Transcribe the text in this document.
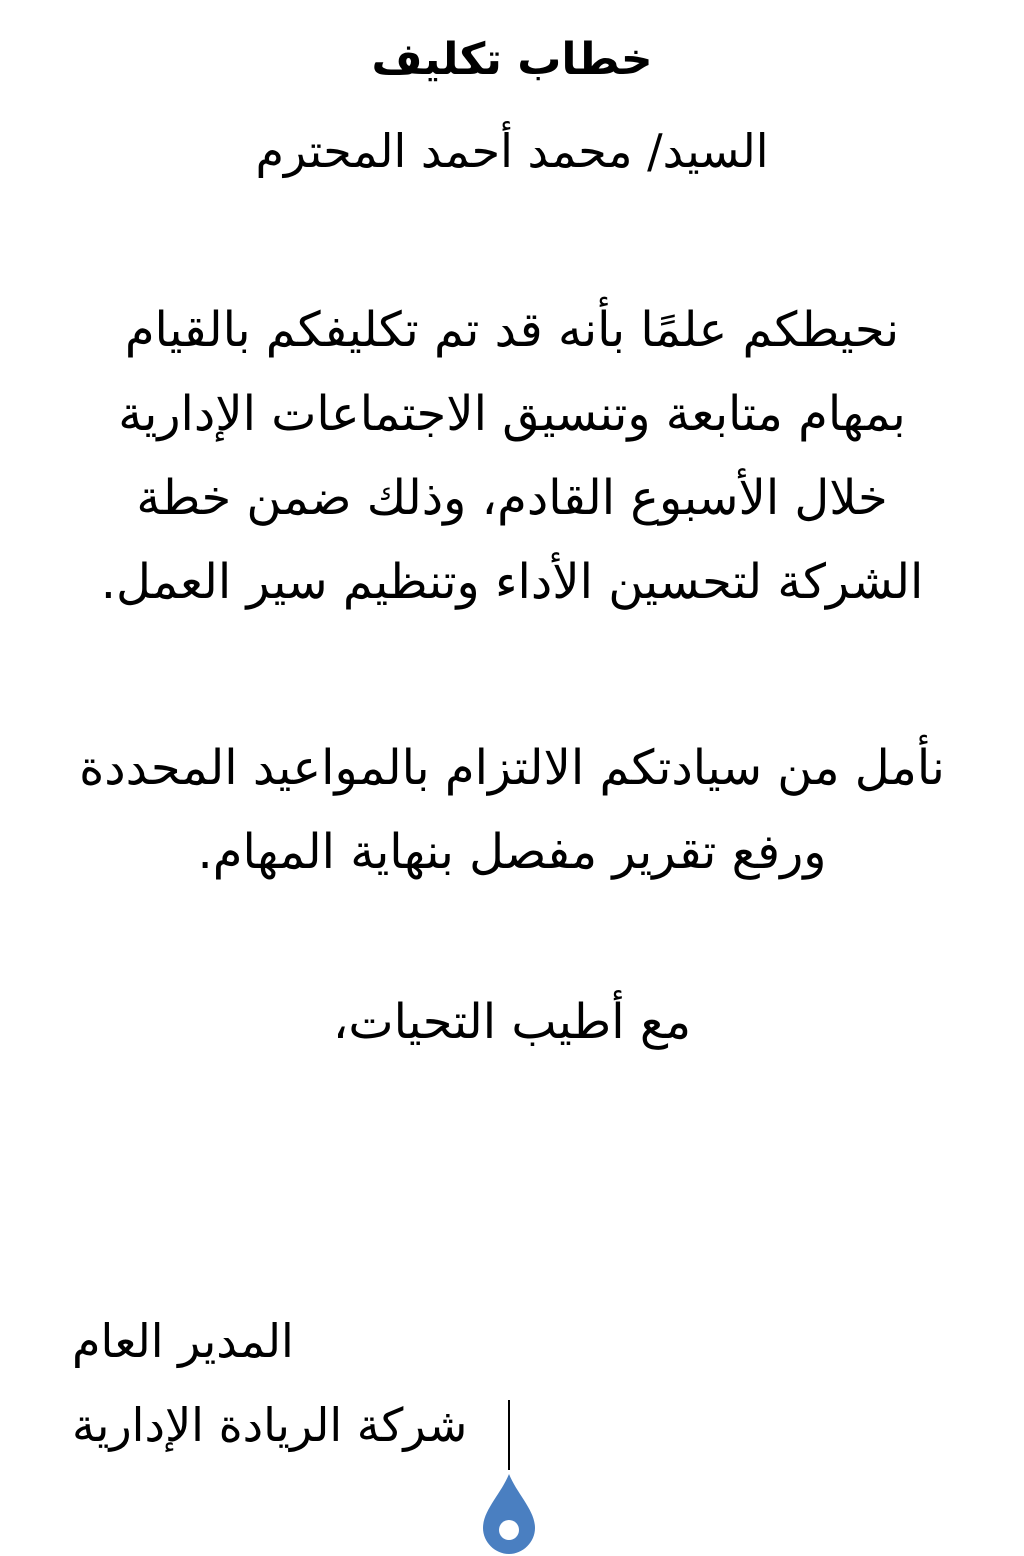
خطاب تكليف
السيد/ محمد أحمد المحترم
نحيطكم علمًا بأنه قد تم تكليفكم بالقيام بمهام متابعة وتنسيق الاجتماعات الإدارية خلال الأسبوع القادم، وذلك ضمن خطة الشركة لتحسين الأداء وتنظيم سير العمل.
نأمل من سيادتكم الالتزام بالمواعيد المحددة ورفع تقرير مفصل بنهاية المهام.
مع أطيب التحيات،
المدير العام
شركة الريادة الإدارية
